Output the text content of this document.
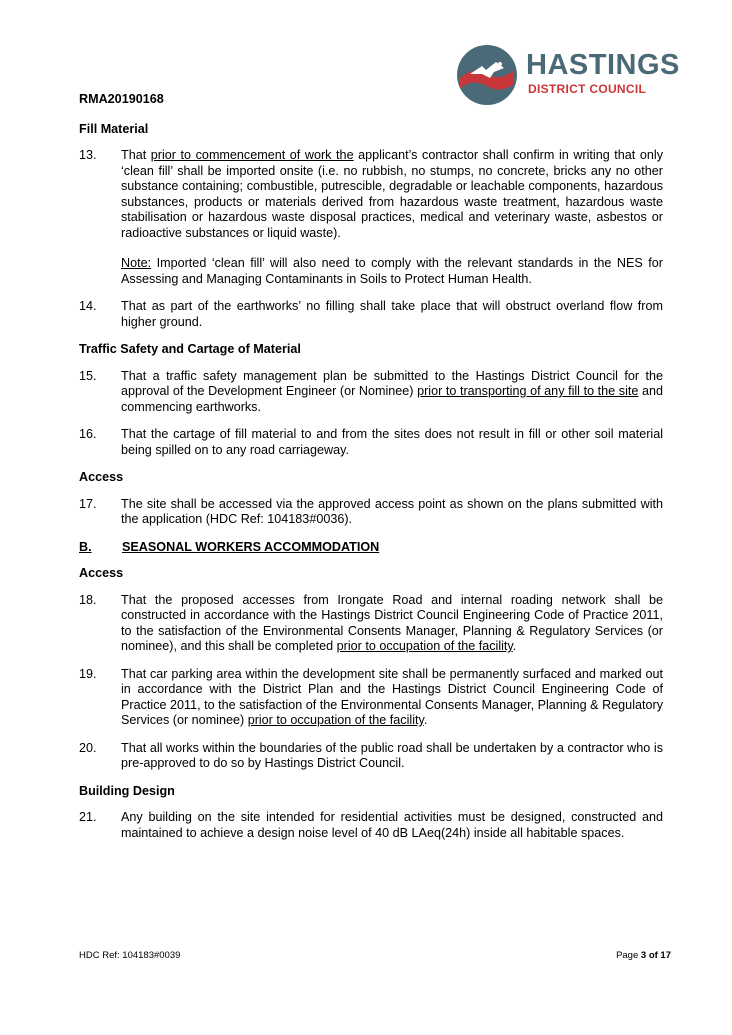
HASTINGS
DISTRICT COUNCIL
RMA20190168
Fill Material
13.	That prior to commencement of work the applicant’s contractor shall confirm in writing that only ‘clean fill’ shall be imported onsite (i.e. no rubbish, no stumps, no concrete, bricks any no other substance containing; combustible, putrescible, degradable or leachable components, hazardous substances, products or materials derived from hazardous waste treatment, hazardous waste stabilisation or hazardous waste disposal practices, medical and veterinary waste, asbestos or radioactive substances or liquid waste).

Note: Imported ‘clean fill’ will also need to comply with the relevant standards in the NES for Assessing and Managing Contaminants in Soils to Protect Human Health.

14.	That as part of the earthworks’ no filling shall take place that will obstruct overland flow from higher ground.
Traffic Safety and Cartage of Material
15.	That a traffic safety management plan be submitted to the Hastings District Council for the approval of the Development Engineer (or Nominee) prior to transporting of any fill to the site and commencing earthworks.
16.	That the cartage of fill material to and from the sites does not result in fill or other soil material being spilled on to any road carriageway.
Access
17.	The site shall be accessed via the approved access point as shown on the plans submitted with the application (HDC Ref: 104183#0036).
B.	SEASONAL WORKERS ACCOMMODATION
Access
18.	That the proposed accesses from Irongate Road and internal roading network shall be constructed in accordance with the Hastings District Council Engineering Code of Practice 2011, to the satisfaction of the Environmental Consents Manager, Planning & Regulatory Services (or nominee), and this shall be completed prior to occupation of the facility.
19.	That car parking area within the development site shall be permanently surfaced and marked out in accordance with the District Plan and the Hastings District Council Engineering Code of Practice 2011, to the satisfaction of the Environmental Consents Manager, Planning & Regulatory Services (or nominee) prior to occupation of the facility.
20.	That all works within the boundaries of the public road shall be undertaken by a contractor who is pre-approved to do so by Hastings District Council.
Building Design
21.	Any building on the site intended for residential activities must be designed, constructed and maintained to achieve a design noise level of 40 dB LAeq(24h) inside all habitable spaces.
HDC Ref: 104183#0039	Page 3 of 17
